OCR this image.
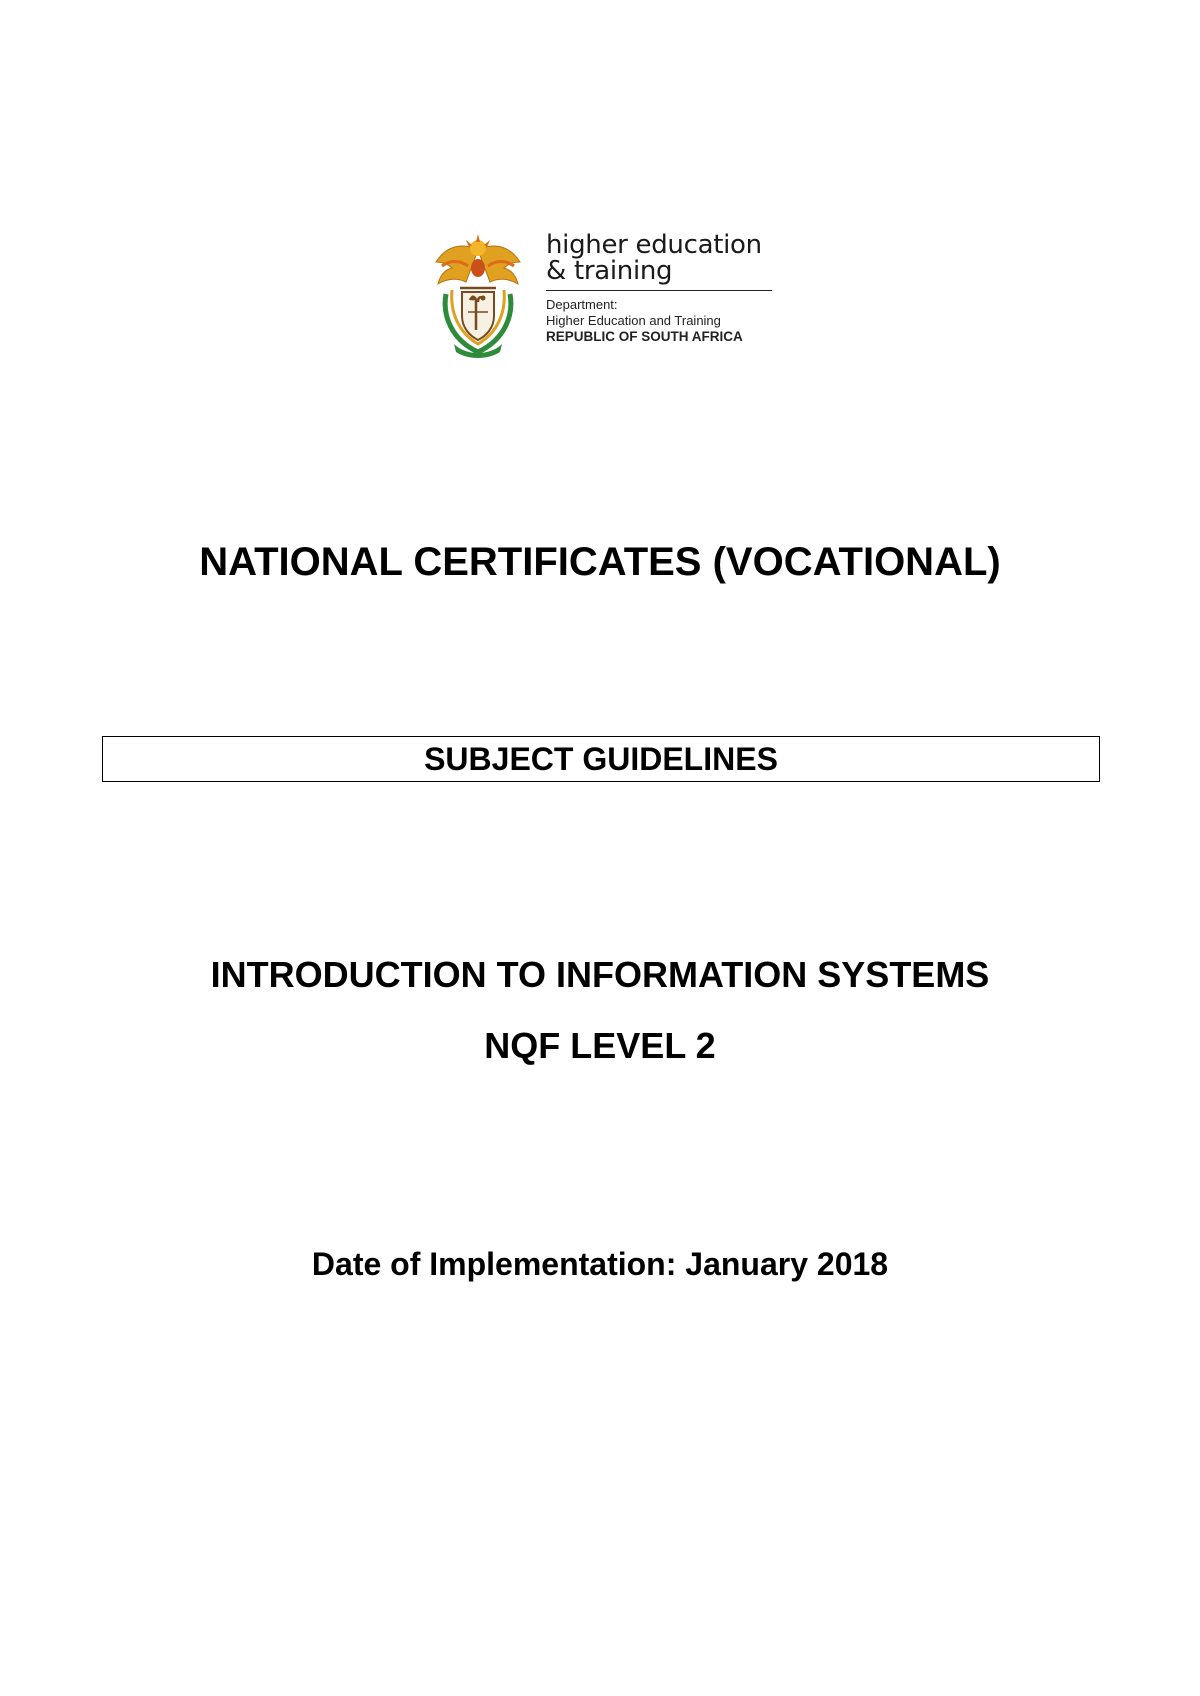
higher education
& training
Department:
Higher Education and Training
REPUBLIC OF SOUTH AFRICA
NATIONAL CERTIFICATES (VOCATIONAL)
SUBJECT GUIDELINES
INTRODUCTION TO INFORMATION SYSTEMS
NQF LEVEL 2
Date of Implementation: January 2018
